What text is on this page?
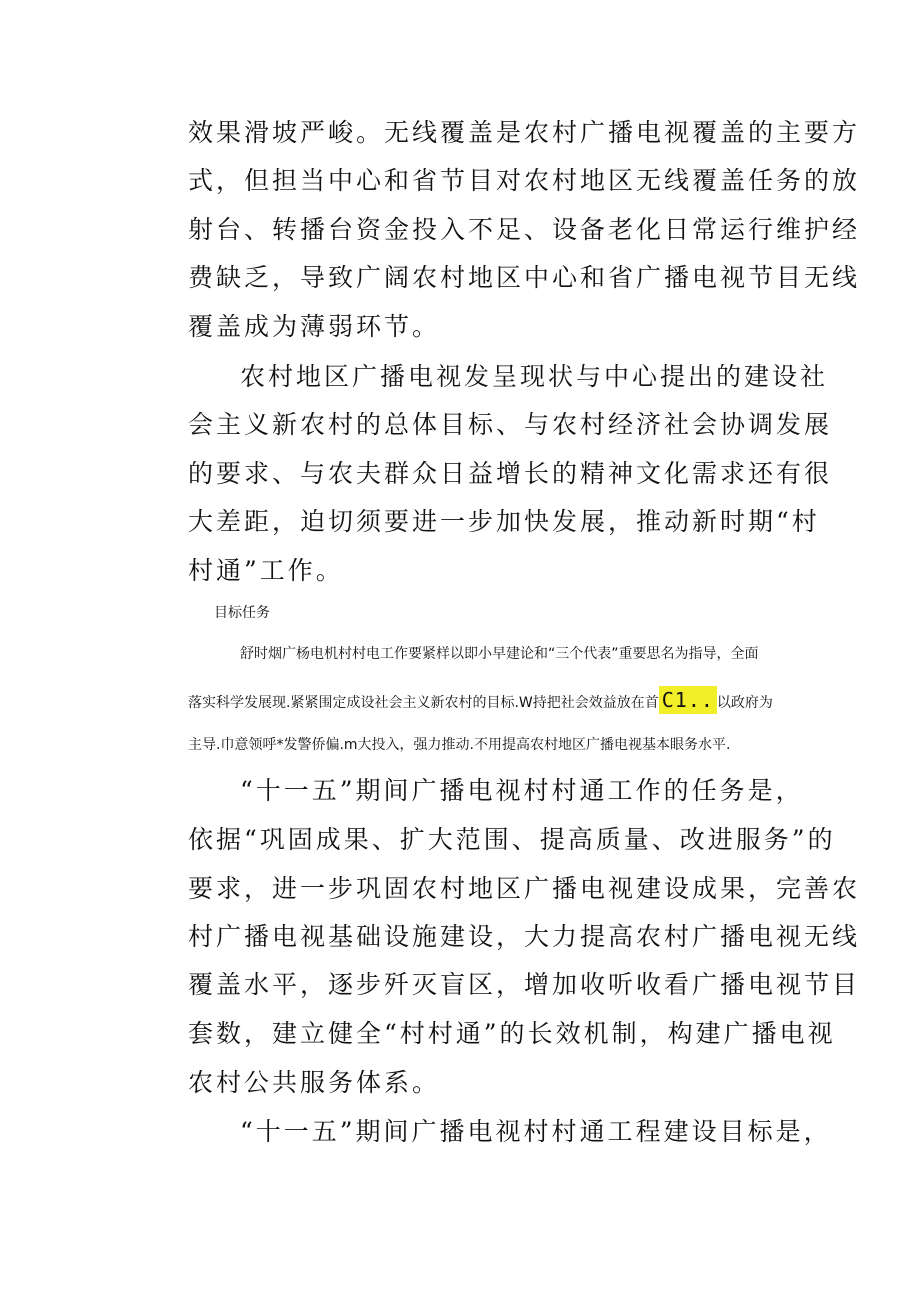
效果滑坡严峻。无线覆盖是农村广播电视覆盖的主要方

式，但担当中心和省节目对农村地区无线覆盖任务的放

射台、转播台资金投入不足、设备老化日常运行维护经

费缺乏，导致广阔农村地区中心和省广播电视节目无线

覆盖成为薄弱环节。

农村地区广播电视发呈现状与中心提出的建设社

会主义新农村的总体目标、与农村经济社会协调发展

的要求、与农夫群众日益增长的精神文化需求还有很

大差距，迫切须要进一步加快发展，推动新时期“村

村通”工作。

目标任务

舒时烟广杨电机村村电工作要紧样以即小早建论和“三个代表”重要思名为指导，全面

落实科学发展现.紧紧围定成设社会主义新农村的目标.W持把社会效益放在首 C1.. 以政府为

主导.巾意领呼*发警侨偏.m大投入，强力推动.不用提高农村地区广播电视基本眼务水平.

“十一五”期间广播电视村村通工作的任务是，

依据“巩固成果、扩大范围、提高质量、改进服务”的

要求，进一步巩固农村地区广播电视建设成果，完善农

村广播电视基础设施建设，大力提高农村广播电视无线

覆盖水平，逐步歼灭盲区，增加收听收看广播电视节目

套数，建立健全“村村通”的长效机制，构建广播电视

农村公共服务体系。

“十一五”期间广播电视村村通工程建设目标是，
